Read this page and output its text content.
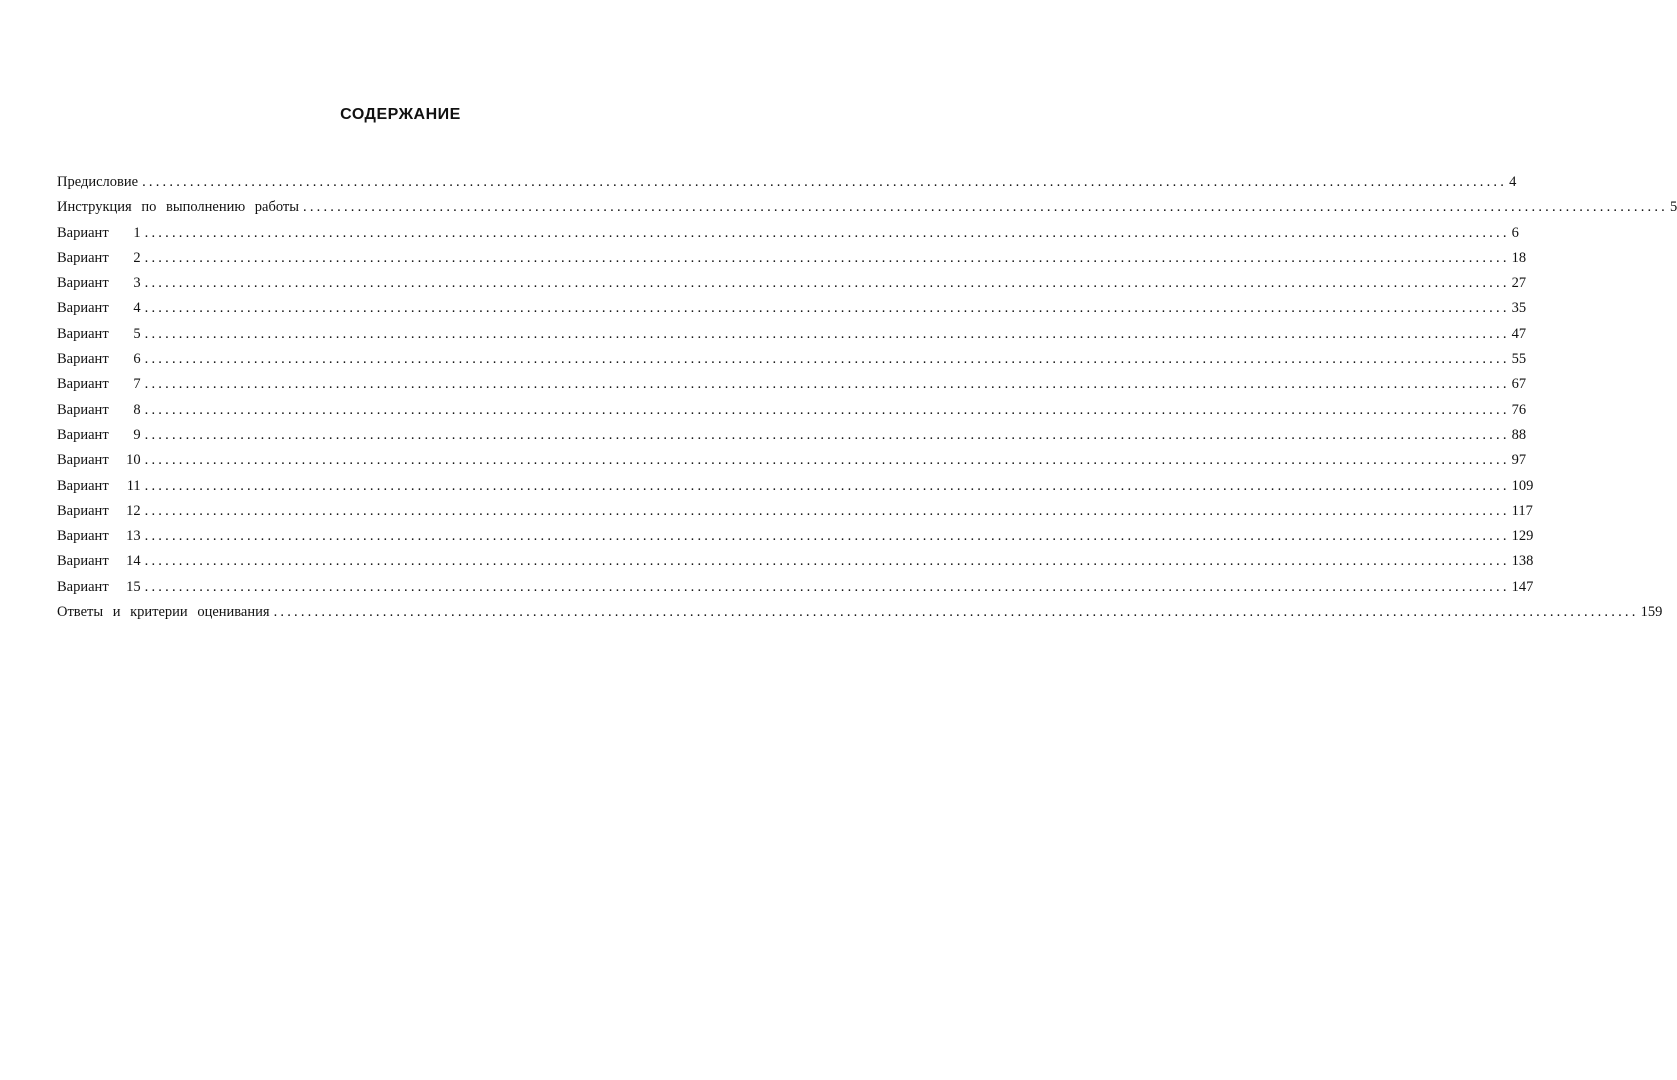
СОДЕРЖАНИЕ
Предисловие ........................................................................................................................................................................................................ 4
Инструкция по выполнению работы ........................................................................................................................................................................................................ 5
Вариант 1 ........................................................................................................................................................................................................ 6
Вариант 2 ........................................................................................................................................................................................................ 18
Вариант 3 ........................................................................................................................................................................................................ 27
Вариант 4 ........................................................................................................................................................................................................ 35
Вариант 5 ........................................................................................................................................................................................................ 47
Вариант 6 ........................................................................................................................................................................................................ 55
Вариант 7 ........................................................................................................................................................................................................ 67
Вариант 8 ........................................................................................................................................................................................................ 76
Вариант 9 ........................................................................................................................................................................................................ 88
Вариант 10 ........................................................................................................................................................................................................ 97
Вариант 11 ........................................................................................................................................................................................................ 109
Вариант 12 ........................................................................................................................................................................................................ 117
Вариант 13 ........................................................................................................................................................................................................ 129
Вариант 14 ........................................................................................................................................................................................................ 138
Вариант 15 ........................................................................................................................................................................................................ 147
Ответы и критерии оценивания ........................................................................................................................................................................................................ 159
